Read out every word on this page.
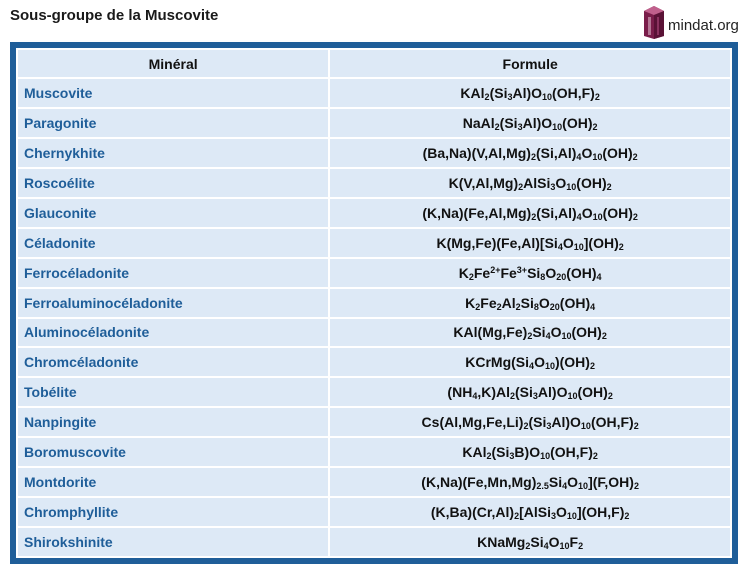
Sous-groupe de la Muscovite
mindat.org
Minéral	Formule
Muscovite	$KAl_2(Si_3Al)O_{10}(OH,F)_2$
Paragonite	$NaAl_2(Si_3Al)O_{10}(OH)_2$
Chernykhite	$(Ba,Na)(V,Al,Mg)_2(Si,Al)_4O_{10}(OH)_2$
Roscoélite	$K(V,Al,Mg)_2AlSi_3O_{10}(OH)_2$
Glauconite	$(K,Na)(Fe,Al,Mg)_2(Si,Al)_4O_{10}(OH)_2$
Céladonite	$K(Mg,Fe)(Fe,Al)[Si_4O_{10}](OH)_2$
Ferrocéladonite	$K_2Fe^{2+}Fe^{3+}Si_8O_{20}(OH)_4$
Ferroaluminocéladonite	$K_2Fe_2Al_2Si_8O_{20}(OH)_4$
Aluminocéladonite	$KAl(Mg,Fe)_2Si_4O_{10}(OH)_2$
Chromcéladonite	$KCrMg(Si_4O_{10})(OH)_2$
Tobélite	$(NH_4,K)Al_2(Si_3Al)O_{10}(OH)_2$
Nanpingite	$Cs(Al,Mg,Fe,Li)_2(Si_3Al)O_{10}(OH,F)_2$
Boromuscovite	$KAl_2(Si_3B)O_{10}(OH,F)_2$
Montdorite	$(K,Na)(Fe,Mn,Mg)_{2.5}Si_4O_{10}](F,OH)_2$
Chromphyllite	$(K,Ba)(Cr,Al)_2[AlSi_3O_{10}](OH,F)_2$
Shirokshinite	$KNaMg_2Si_4O_{10}F_2$
